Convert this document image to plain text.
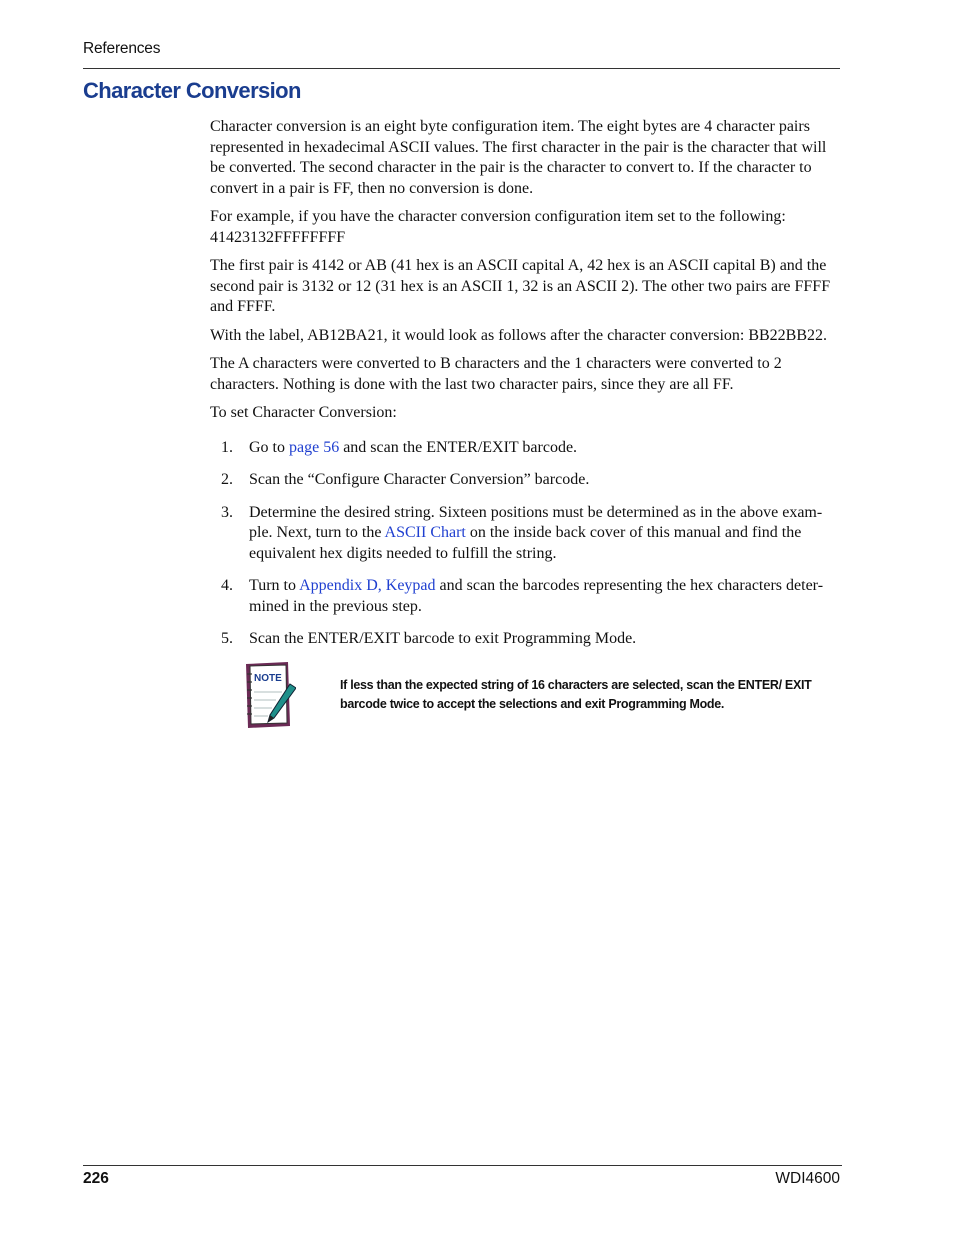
References
Character Conversion

Character conversion is an eight byte configuration item. The eight bytes are 4 character pairs represented in hexadecimal ASCII values. The first character in the pair is the character that will be converted. The second character in the pair is the character to convert to. If the character to convert in a pair is FF, then no conversion is done.

For example, if you have the character conversion configuration item set to the following: 41423132FFFFFFFF

The first pair is 4142 or AB (41 hex is an ASCII capital A, 42 hex is an ASCII capital B) and the second pair is 3132 or 12 (31 hex is an ASCII 1, 32 is an ASCII 2). The other two pairs are FFFF and FFFF.

With the label, AB12BA21, it would look as follows after the character conversion: BB22BB22.

The A characters were converted to B characters and the 1 characters were converted to 2 characters. Nothing is done with the last two character pairs, since they are all FF.

To set Character Conversion:

1. Go to page 56 and scan the ENTER/EXIT barcode.
2. Scan the “Configure Character Conversion” barcode.
3. Determine the desired string. Sixteen positions must be determined as in the above exam-ple. Next, turn to the ASCII Chart on the inside back cover of this manual and find the equivalent hex digits needed to fulfill the string.
4. Turn to Appendix D, Keypad and scan the barcodes representing the hex characters deter-mined in the previous step.
5. Scan the ENTER/EXIT barcode to exit Programming Mode.
NOTE	If less than the expected string of 16 characters are selected, scan the ENTER/ EXIT barcode twice to accept the selections and exit Programming Mode.
226	WDI4600
